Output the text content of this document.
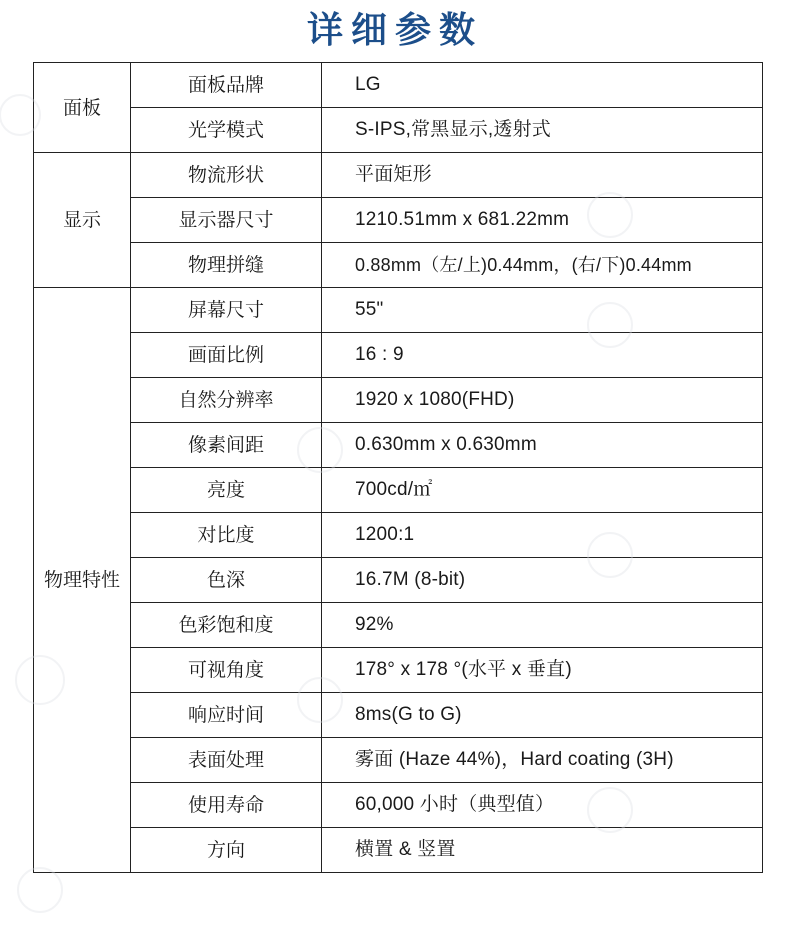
详细参数
面板	面板品牌	LG
	光学模式	S-IPS,常黑显示,透射式
显示	物流形状	平面矩形
	显示器尺寸	1210.51mm x 681.22mm
	物理拼缝	0.88mm（左/上)0.44mm，(右/下)0.44mm
物理特性	屏幕尺寸	55"
	画面比例	16 : 9
	自然分辨率	1920 x 1080(FHD)
	像素间距	0.630mm x 0.630mm
	亮度	700cd/㎡
	对比度	1200:1
	色深	16.7M (8-bit)
	色彩饱和度	92%
	可视角度	178° x 178 °(水平 x 垂直)
	响应时间	8ms(G to G)
	表面处理	雾面 (Haze 44%)，Hard coating (3H)
	使用寿命	60,000 小时（典型值）
	方向	横置 & 竖置
